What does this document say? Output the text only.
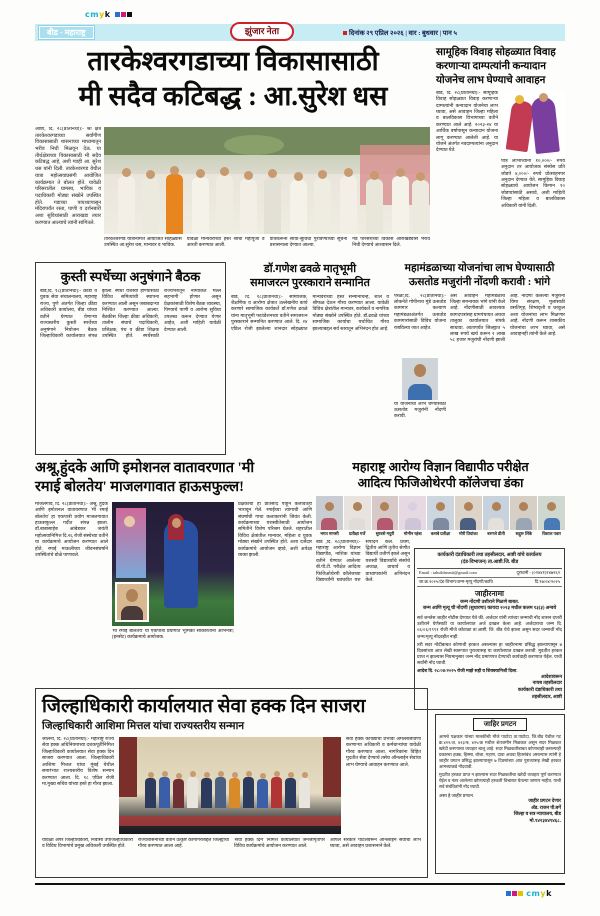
cmyk
बीड - महाराष्ट्र	झुंजार नेता	दिनांक २९ एप्रिल २०२६ | वार : बुधवार | पान ५
तारकेश्वरगडाच्या विकासासाठी
मी सदैव कटिबद्ध : आ.सुरेश धस
आष्टी, दि. २८(प्रतिनिधी):- श्री क्षेत्र तारकेश्वरगडाच्या सर्वांगीण विकासासाठी शासनाच्या माध्यमातून भरीव निधी मिळवून देऊ. या तीर्थक्षेत्राच्या विकासासाठी मी सदैव कटिबद्ध आहे, अशी ग्वाही आ. सुरेश धस यांनी दिली. तारकेश्वरगड येथील यात्रा महोत्सवाप्रसंगी आयोजित कार्यक्रमात ते बोलत होते. यावेळी परिसरातील ग्रामस्थ, भाविक व पदाधिकारी मोठ्या संख्येने उपस्थित होते. गडाच्या पायथ्यापासून मंदिरापर्यंत रस्ता, पाणी व दर्शनबारी अशा सुविधांसाठी आराखडा तयार करण्यात आल्याचे त्यांनी सांगितले.
तारकेश्वरगड यात्रेनिमित्त आयोजित सोहळ्यास उपस्थित आ.सुरेश धस, मान्यवर व भाविक.
यावेळी मान्यवरांच्या हस्ते श्रींची महापूजा व आरती करण्यात आली.
यात्रेकरूंना सोयी-सुविधा पुरविण्याच्या सूचना प्रशासनाला देण्यात आल्या.
गड परिसराच्या विकास आराखड्यास भरीव निधी देण्याचे आश्वासन दिले.
सामूहिक विवाह सोहळ्यात विवाह करणाऱ्या दाम्पत्यांनी कन्यादान योजनेच लाभ घेण्याचे आवाहन
बीड, दि. २८(प्रतिनिधी):- सामूहिक विवाह सोहळ्यात विवाह करणाऱ्या दाम्पत्यांनी कन्यादान योजनेचा लाभ घ्यावा, असे आवाहन जिल्हा महिला व बालविकास विभागाच्या वतीने करण्यात आले आहे. २०२३-२४ या आर्थिक वर्षापासून कन्यादान योजना लागू करण्यात आलेली आहे. या योजने अंतर्गत नवदाम्पत्यांना अनुदान देण्यात येते.
पात्र लाभार्थ्यांना १०,०००/- रुपये अनुदान तर आयोजक संस्थेस प्रति जोडपे ४,०००/- रुपये प्रोत्साहनपर अनुदान देण्यात येते. सामूहिक विवाह सोहळ्याचे आयोजन किमान १० जोडप्यांसाठी असावे, अशी माहिती जिल्हा महिला व बालविकास अधिकारी यांनी दिली.
कुस्ती स्पर्धेच्या अनुषंगाने बैठक
बीड,दि. १८(प्रतिनिधी):- क्रीडा व युवक सेवा संचालनालय, महाराष्ट्र राज्य, पुणे अंतर्गत जिल्हा क्रीडा अधिकारी कार्यालय, बीड यांच्या वतीने घेण्यात येणाऱ्या राज्यस्तरीय कुस्ती स्पर्धेच्या अनुषंगाने नियोजन बैठक जिल्हाधिकारी कार्यालयात संपन्न झाली. स्पर्धा यशस्वी होण्यासाठी विविध समित्यांची स्थापना करण्यात आली असून जबाबदाऱ्या निश्चित करण्यात आल्या. बैठकीस जिल्हा क्रीडा अधिकारी, तालीम संघाचे पदाधिकारी, प्रशिक्षक, पंच व क्रीडा शिक्षक उपस्थित होते. स्पर्धेसाठी राज्यभरातून नामांकित मल्ल सहभागी होणार असून प्रेक्षकांसाठी विशेष बैठक व्यवस्था, पिण्याचे पाणी व आरोग्य सुविधा उपलब्ध करून देण्यात येणार आहेत, अशी माहिती यावेळी देण्यात आली.
डॉ.गणेश ढवळे मातृभूमी
समाजरत्न पुरस्काराने सन्मानित
बीड, दि. १८(प्रतिनिधी):- सामाजिक, शैक्षणिक व आरोग्य क्षेत्रात उल्लेखनीय कार्य करणारे सामाजिक कार्यकर्ते डॉ.गणेश ढवळे यांना मातृभूमी फाउंडेशनच्या वतीने समाजरत्न पुरस्काराने सन्मानित करण्यात आले. दि. २४ एप्रिल रोजी झालेल्या शानदार सोहळ्यात मान्यवरांच्या हस्ते सन्मानचिन्ह, शाल व श्रीफळ देऊन गौरव करण्यात आला. यावेळी विविध क्षेत्रांतील मान्यवर, कार्यकर्ते व नागरिक मोठ्या संख्येने उपस्थित होते. डॉ.ढवळे यांच्या सामाजिक कार्याचा यथोचित गौरव झाल्याबद्दल सर्व स्तरातून अभिनंदन होत आहे.
महामंडळाच्या योजनांचा लाभ घेण्यासाठी
ऊसतोड मजुरांनी नोंदणी करावी : भांगे
परळी,दि. २८(प्रतिनिधी):- लोकनेते गोपीनाथ मुंडे ऊसतोड कामगार कल्याण महामंडळाअंतर्गत ऊसतोड कामगारांसाठी विविध योजना राबविल्या जात आहेत.
या योजनांचा लाभ घेण्यासाठी ऊसतोड मजुरांनी नोंदणी करावी.
असे आवाहन महामंडळाचे जिल्हा समन्वयक भांगे यांनी केले आहे. नोंदणीसाठी आवश्यक कागदपत्रांसह ग्रामपंचायत अथवा तालुका कार्यालयात संपर्क साधावा. आतापर्यंत जिल्ह्यात ५ लाख रुपये खर्च करून २ लाख ५८ हजार मजुरांची नोंदणी झाली आहे. नोंदणी केलेल्या मजुरांना विमा संरक्षण, मुलांसाठी वसतिगृह, शिष्यवृत्ती व घरकुल अशा योजनांचा लाभ मिळणार आहे. नोंदणी करून शासकीय योजनांचा लाभ घ्यावा, असे आवाहनही त्यांनी केले आहे.
अश्रू,हुंदके आणि इमोशनल वातावरणात 'मी
रमाई बोलतेय' माजलगावात हाऊसफुल्ल!
माजलगाव, दि. २८(प्रतिनिधी):- अश्रू, हुंदके आणि इमोशनल वातावरणात 'मी रमाई बोलतेय' हा एकपात्री प्रयोग माजलगावात हाऊसफुल्ल गर्दीत संपन्न झाला. डॉ.बाबासाहेब आंबेडकर जयंती महोत्सवानिमित्त दि.२६ रोजी संस्थेच्या वतीने या कार्यक्रमाचे आयोजन करण्यात आले होते. रमाई माऊलीच्या जीवनसंघर्षाने उपस्थितांचे डोळे पाणावले.
'मी रमाई बोलतेय' या एकपात्री प्रयोगात भूमिका साकारताना अभिनेत्री; (इनसेट) कार्यक्रमाचे आयोजक.
प्रेक्षकांचा हा प्रतिसाद पाहून कलावंतही भारावून गेले. रमाईंच्या त्यागाची आणि संघर्षाची गाथा कलाकारांनी जिवंत केली. कार्यक्रमाच्या यशस्वीतेसाठी आयोजन समितीने विशेष परिश्रम घेतले. शहरातील विविध क्षेत्रांतील मान्यवर, महिला व युवक मोठ्या संख्येने उपस्थित होते. अशा दर्जेदार कार्यक्रमांचे आयोजन व्हावे, अशी अपेक्षा व्यक्त झाली.
महाराष्ट्र आरोग्य विज्ञान विद्यापीठ परीक्षेत
आदित्य फिजिओथेरपी कॉलेजचा डंका
भगत मानसी	प्रतीक्षा गर्जे	सुरवसे मयुरी	मोमीन रहंबा	कसबे प्रतीक्षा	मोरी प्रियांका	बरगजे प्रीती	सद्गुरू लिंके	विशाल पवार
बीड ,दि. २८(प्रतिनिधी):- महाराष्ट्र आरोग्य विज्ञान विद्यापीठ, नाशिक यांच्या वतीने घेण्यात आलेल्या बी.पी.टी. परीक्षेत आदित्य फिजिओथेरपी कॉलेजच्या विद्यार्थ्यांनी घवघवीत यश संपादन केले. प्रथम, द्वितीय आणि तृतीय श्रेणीत विद्यार्थी उत्तीर्ण झाले असून यशस्वी विद्यार्थ्यांचे संस्थेचे अध्यक्ष, प्राचार्य व प्राध्यापकांनी अभिनंदन केले.
कार्यकारी दंडाधिकारी तथा तहसीलदार, आष्टी यांचे कार्यालय
(दंड-विभाजन) ता.आष्टी.जि. बीड
Email : tahsildarasti@gmail.com	दूरध्वनी - (०२४४१)२४७२६२
जा.क्र.२०२५/दंड-विभाग/जन्म-मृत्यू नोंदणी/कावि	दि.१७/०४/२०२५
जाहीरनामा
जन्म नोंदणी उशीराने मिळणे बाबत.
जन्म आणि मृत्यू ची नोंदणी (सुधारणा) कायदा २०२३ मधील कलम १३(३) अन्वये
सर्व जनतेस जाहीर नोटीस देण्यात येते की, अर्जदार यांनी त्यांच्या जन्माची नोंद शासन दप्तरी उशीराने घेणेसाठी या कार्यालयात अर्ज दाखल केला आहे. अर्जदाराचा जन्म दि. ०६/०६/१९९१ रोजी मौजे कोटाळा ता.आष्टी, जि. बीड येथे झाला असून सदर जन्माची नोंद जन्म/मृत्यू नोंदवहीत नाही.
तरी सदर नोंदीबाबत कोणाची हरकत असल्यास हा जाहीरनामा प्रसिद्ध झाल्यापासून ७ दिवसांच्या आत लेखी स्वरूपात पुराव्यासह या कार्यालयात दाखल करावी. मुदतीत हरकत प्राप्त न झाल्यास नियमानुसार जन्म नोंद प्रमाणपत्र देण्याची कार्यवाही करण्यात येईल, याची सर्वांनी नोंद घ्यावी.
आदेश दि. २८/०४/२०२५ रोजी माझे सही व शिक्क्यानिशी दिला.
आदेशावरून
नायब तहसीलदार
कार्यकारी दंडाधिकारी तथा
तहसीलदार, आष्टी
जिल्हाधिकारी कार्यालयात सेवा हक्क दिन साजरा
जिल्हाधिकारी आशिमा मित्तल यांचा राज्यस्तरीय सन्मान
जालना, दि. २८(प्रतिनिधी):- महाराष्ट्र राज्य सेवा हक्क अधिनियमाच्या दशकपूर्तीनिमित्त जिल्हाधिकारी कार्यालयात सेवा हक्क दिन साजरा करण्यात आला. जिल्हाधिकारी आशिमा मित्तल यांचा मुंबई येथील समारंभात राज्यस्तरीय विशेष सन्मान करण्यात आला. दि. १८ एप्रिल रोजी मा.मुख्य सचिव यांच्या हस्ते हा गौरव झाला.
सेवा हक्क कायद्याची प्रभावी अंमलबजावणी करणाऱ्या अधिकारी व कर्मचाऱ्यांचा यावेळी गौरव करण्यात आला. नागरिकांना विहित मुदतीत सेवा देण्याचे तसेच ऑनलाईन सेवांचा लाभ घेण्याचे आवाहन करण्यात आले.
यावेळी अपर जिल्हाधिकारी, निवासी उपजिल्हाधिकारी व विविध विभागांचे प्रमुख अधिकारी उपस्थित होते.
राज्यशासनाच्या वतीने उत्कृष्ट कामगिरीबद्दल जिल्ह्याचा गौरव करण्यात आला आहे.
'सेवा हक्क दिन' निमित्त कार्यालयात जनजागृतीपर विविध कार्यक्रमांचे आयोजन करण्यात आले.
आपले सरकार पोर्टलवरून ऑनलाईन सेवांचा लाभ घ्यावा, असे आवाहन प्रशासनाने केले.
जाहिर प्रगटन
आमचे पक्षकार यांच्या मालकीची मौजे पाटोदा ता.पाटोदा, जि.बीड येथील गट क्र.४२२/अ, ४२३/ब, ४२५/क मधील शेतजमीन मिळकत असून सदर मिळकत खरेदी करण्याचा व्यवहार चालू आहे. सदर मिळकतीबाबत कोणाचाही कसल्याही प्रकारचा हक्क, हिस्सा, बोजा, गहाण, दावा अथवा हितसंबंध असल्यास त्यांनी हे जाहीर प्रगटन प्रसिद्ध झाल्यापासून ७ दिवसांच्या आत पुराव्यासह लेखी हरकत आमच्याकडे नोंदवावी.
मुदतीत हरकत प्राप्त न झाल्यास सदर मिळकतीचा खरेदी व्यवहार पूर्ण करण्यात येईल व नंतर आलेल्या कोणत्याही हरकती विचारात घेतल्या जाणार नाहीत, याची सर्व संबंधितांनी नोंद घ्यावी.
असा हे जाहीर प्रगटन.
जाहीर प्रगटन देणार
अ‍ॅड. राजन पी.बर्गे
जिल्हा व सत्र न्यायालय, बीड
मो.९४२३४४९४६८.
cmyk
